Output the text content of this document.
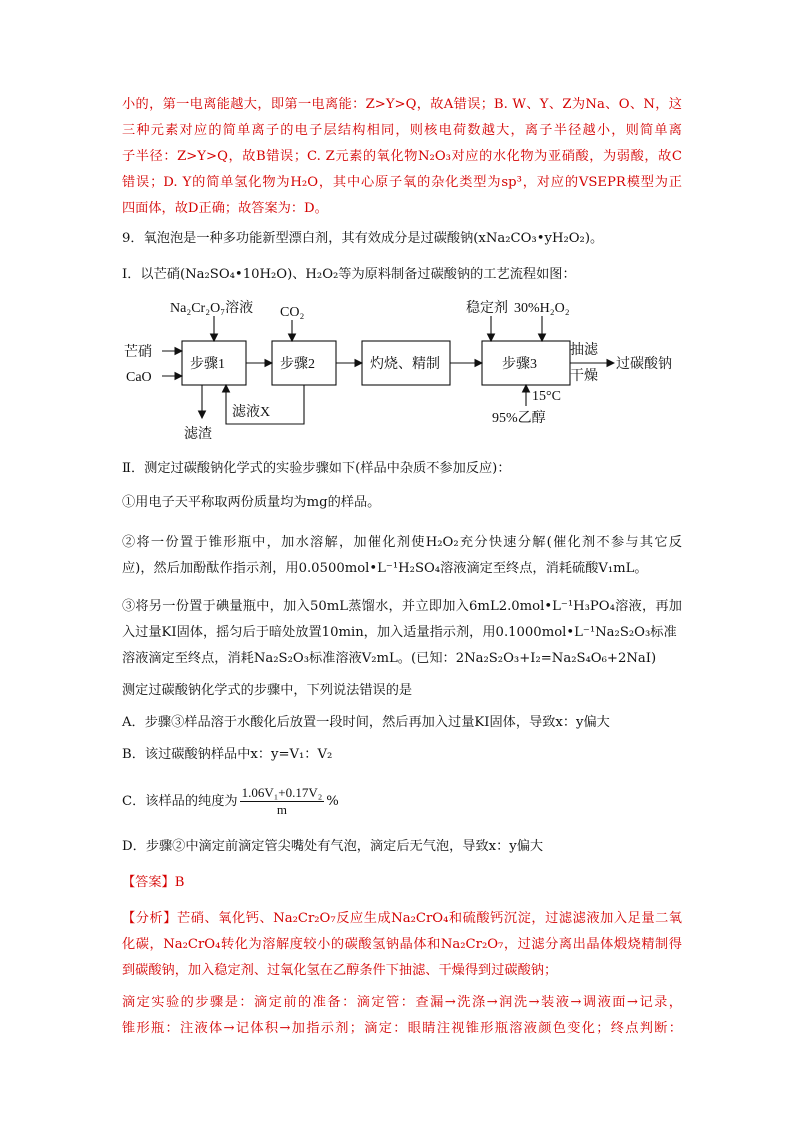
小的，第一电离能越大，即第一电离能：Z>Y>Q，故A错误；B. W、Y、Z为Na、O、N，这
三种元素对应的简单离子的电子层结构相同，则核电荷数越大，离子半径越小，则简单离
子半径：Z>Y>Q，故B错误；C. Z元素的氧化物N₂O₃对应的水化物为亚硝酸，为弱酸，故C
错误；D. Y的简单氢化物为H₂O，其中心原子氧的杂化类型为sp³，对应的VSEPR模型为正
四面体，故D正确；故答案为：D。
9．氧泡泡是一种多功能新型漂白剂，其有效成分是过碳酸钠(xNa₂CO₃•yH₂O₂)。
Ⅰ．以芒硝(Na₂SO₄•10H₂O)、H₂O₂等为原料制备过碳酸钠的工艺流程如图：
芒硝
CaO
Na₂Cr₂O₇溶液 CO₂
步骤1	步骤2	灼烧、精制	步骤3
稳定剂 30%H₂O₂
抽滤
干燥
过碳酸钠
滤渣
滤液X
15°C
95%乙醇
Ⅱ．测定过碳酸钠化学式的实验步骤如下(样品中杂质不参加反应)：
①用电子天平称取两份质量均为mg的样品。
②将一份置于锥形瓶中，加水溶解，加催化剂使H₂O₂充分快速分解(催化剂不参与其它反
应)，然后加酚酞作指示剂，用0.0500mol•L⁻¹H₂SO₄溶液滴定至终点，消耗硫酸V₁mL。
③将另一份置于碘量瓶中，加入50mL蒸馏水，并立即加入6mL2.0mol•L⁻¹H₃PO₄溶液，再加
入过量KI固体，摇匀后于暗处放置10min，加入适量指示剂，用0.1000mol•L⁻¹Na₂S₂O₃标准
溶液滴定至终点，消耗Na₂S₂O₃标准溶液V₂mL。(已知：2Na₂S₂O₃+I₂=Na₂S₄O₆+2NaI)
测定过碳酸钠化学式的步骤中，下列说法错误的是
A．步骤③样品溶于水酸化后放置一段时间，然后再加入过量KI固体，导致x：y偏大
B．该过碳酸钠样品中x：y=V₁：V₂
C．该样品的纯度为 $\frac{\text{1.06V₁+0.17V₂}}{m}$ %
D．步骤②中滴定前滴定管尖嘴处有气泡，滴定后无气泡，导致x：y偏大
【答案】B
【分析】芒硝、氧化钙、Na₂Cr₂O₇反应生成Na₂CrO₄和硫酸钙沉淀，过滤滤液加入足量二氧
化碳，Na₂CrO₄转化为溶解度较小的碳酸氢钠晶体和Na₂Cr₂O₇，过滤分离出晶体煅烧精制得
到碳酸钠，加入稳定剂、过氧化氢在乙醇条件下抽滤、干燥得到过碳酸钠；
滴定实验的步骤是：滴定前的准备：滴定管：查漏→洗涤→润洗→装液→调液面→记录，
锥形瓶：注液体→记体积→加指示剂；滴定：眼睛注视锥形瓶溶液颜色变化；终点判断：
